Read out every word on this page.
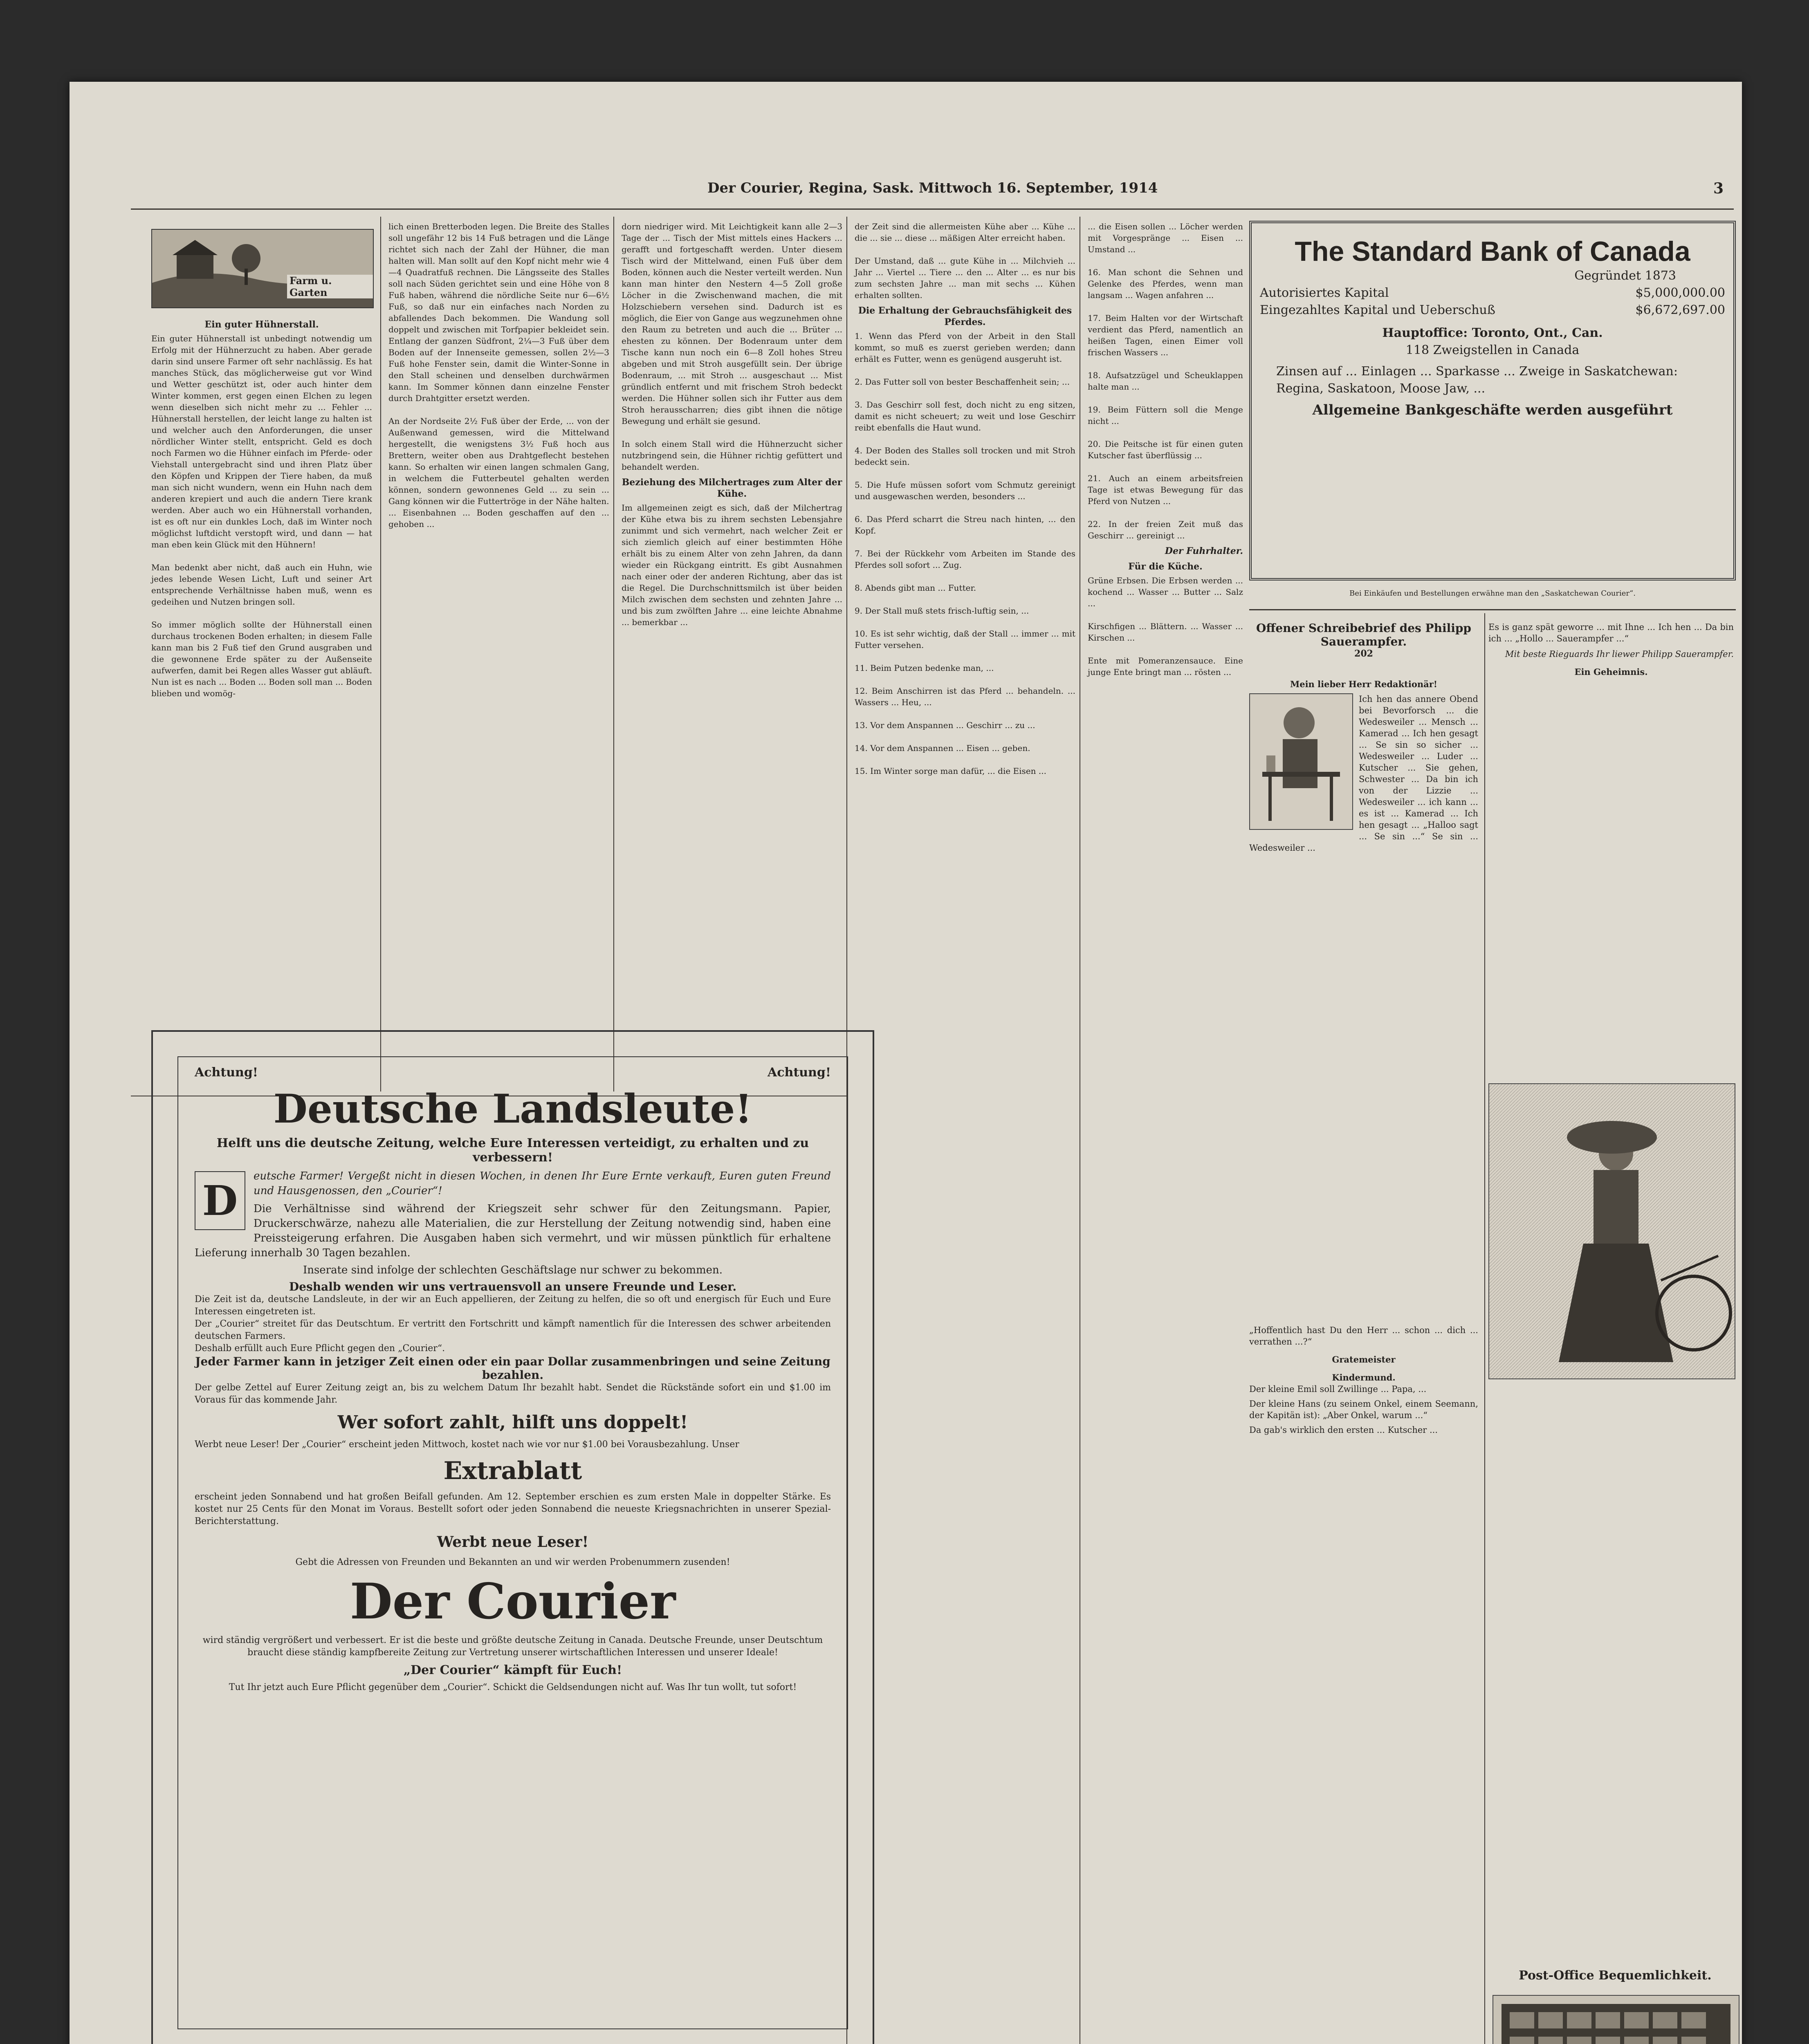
Der Courier, Regina, Sask. Mittwoch 16. September, 1914	3
Farm u. Garten
Ein guter Hühnerstall.
Ein guter Hühnerstall ist unbedingt notwendig um Erfolg mit der Hühnerzucht zu haben. Aber gerade darin sind unsere Farmer oft sehr nachlässig. Es hat manches Stück, das möglicherweise gut vor Wind und Wetter geschützt ist, oder auch hinter dem Winter kommen, erst gegen einen Elchen zu legen wenn dieselben sich nicht mehr zu ... Fehler ... Hühnerstall herstellen, der leicht lange zu halten ist und welcher auch den Anforderungen, die unser nördlicher Winter stellt, entspricht. Geld es doch noch Farmen wo die Hühner einfach im Pferde- oder Viehstall untergebracht sind und ihren Platz über den Köpfen und Krippen der Tiere haben, da muß man sich nicht wundern, wenn ein Huhn nach dem anderen krepiert und auch die andern Tiere krank werden. Aber auch wo ein Hühnerstall vorhanden, ist es oft nur ein dunkles Loch, daß im Winter noch möglichst luftdicht verstopft wird, und dann — hat man eben kein Glück mit den Hühnern!

Man bedenkt aber nicht, daß auch ein Huhn, wie jedes lebende Wesen Licht, Luft und seiner Art entsprechende Verhältnisse haben muß, wenn es gedeihen und Nutzen bringen soll.

So immer möglich sollte der Hühnerstall einen durchaus trockenen Boden erhalten; in diesem Falle kann man bis 2 Fuß tief den Grund ausgraben und die gewonnene Erde später zu der Außenseite aufwerfen, damit bei Regen alles Wasser gut abläuft. Nun ist es nach ... Boden ... Boden soll man ... Boden blieben und womög-
lich einen Bretterboden legen. Die Breite des Stalles soll ungefähr 12 bis 14 Fuß betragen und die Länge richtet sich nach der Zahl der Hühner, die man halten will. Man sollt auf den Kopf nicht mehr wie 4—4 Quadratfuß rechnen. Die Längsseite des Stalles soll nach Süden gerichtet sein und eine Höhe von 8 Fuß haben, während die nördliche Seite nur 6—6½ Fuß, so daß nur ein einfaches nach Norden zu abfallendes Dach bekommen. Die Wandung soll doppelt und zwischen mit Torfpapier bekleidet sein. Entlang der ganzen Südfront, 2¼—3 Fuß über dem Boden auf der Innenseite gemessen, sollen 2½—3 Fuß hohe Fenster sein, damit die Winter-Sonne in den Stall scheinen und denselben durchwärmen kann. Im Sommer können dann einzelne Fenster durch Drahtgitter ersetzt werden.

An der Nordseite 2½ Fuß über der Erde, ... von der Außenwand gemessen, wird die Mittelwand hergestellt, die wenigstens 3½ Fuß hoch aus Brettern, weiter oben aus Drahtgeflecht bestehen kann. So erhalten wir einen langen schmalen Gang, in welchem die Futterbeutel gehalten werden können, sondern gewonnenes Geld ... zu sein ... Gang können wir die Futtertröge in der Nähe halten.
... Eisenbahnen ... Boden geschaffen auf den ... gehoben ...
dorn niedriger wird. Mit Leichtigkeit kann alle 2—3 Tage der ... Tisch der Mist mittels eines Hackers ... gerafft und fortgeschafft werden. Unter diesem Tisch wird der Mittelwand, einen Fuß über dem Boden, können auch die Nester verteilt werden. Nun kann man hinter den Nestern 4—5 Zoll große Löcher in die Zwischenwand machen, die mit Holzschiebern versehen sind. Dadurch ist es möglich, die Eier von Gange aus wegzunehmen ohne den Raum zu betreten und auch die ... Brüter ... ehesten zu können. Der Bodenraum unter dem Tische kann nun noch ein 6—8 Zoll hohes Streu abgeben und mit Stroh ausgefüllt sein. Der übrige Bodenraum, ... mit Stroh ... ausgeschaut ... Mist gründlich entfernt und mit frischem Stroh bedeckt werden. Die Hühner sollen sich ihr Futter aus dem Stroh herausscharren; dies gibt ihnen die nötige Bewegung und erhält sie gesund.

In solch einem Stall wird die Hühnerzucht sicher nutzbringend sein, die Hühner richtig gefüttert und behandelt werden.
Beziehung des Milchertrages zum Alter der Kühe.
Im allgemeinen zeigt es sich, daß der Milchertrag der Kühe etwa bis zu ihrem sechsten Lebensjahre zunimmt und sich vermehrt, nach welcher Zeit er sich ziemlich gleich auf einer bestimmten Höhe erhält bis zu einem Alter von zehn Jahren, da dann wieder ein Rückgang eintritt. Es gibt Ausnahmen nach einer oder der anderen Richtung, aber das ist die Regel. Die Durchschnittsmilch ist über beiden Milch zwischen dem sechsten und zehnten Jahre ... und bis zum zwölften Jahre ... eine leichte Abnahme ... bemerkbar ...
der Zeit sind die allermeisten Kühe aber ... Kühe ... die ... sie ... diese ... mäßigen Alter erreicht haben.

Der Umstand, daß ... gute Kühe in ... Milchvieh ... Jahr ... Viertel ... Tiere ... den ... Alter ... es nur bis zum sechsten Jahre ... man mit sechs ... Kühen erhalten sollten.
Die Erhaltung der Gebrauchsfähigkeit des Pferdes.
1. Wenn das Pferd von der Arbeit in den Stall kommt, so muß es zuerst gerieben werden; dann erhält es Futter, wenn es genügend ausgeruht ist.

2. Das Futter soll von bester Beschaffenheit sein; ...

3. Das Geschirr soll fest, doch nicht zu eng sitzen, damit es nicht scheuert; zu weit und lose Geschirr reibt ebenfalls die Haut wund.

4. Der Boden des Stalles soll trocken und mit Stroh bedeckt sein.

5. Die Hufe müssen sofort vom Schmutz gereinigt und ausgewaschen werden, besonders ...

6. Das Pferd scharrt die Streu nach hinten, ... den Kopf.

7. Bei der Rückkehr vom Arbeiten im Stande des Pferdes soll sofort ... Zug.

8. Abends gibt man ... Futter.

9. Der Stall muß stets frisch-luftig sein, ...

10. Es ist sehr wichtig, daß der Stall ... immer ... mit Futter versehen.

11. Beim Putzen bedenke man, ...

12. Beim Anschirren ist das Pferd ... behandeln. ... Wassers ... Heu, ...

13. Vor dem Anspannen ... Geschirr ... zu ...

14. Vor dem Anspannen ... Eisen ... geben.

15. Im Winter sorge man dafür, ... die Eisen ...
... die Eisen sollen ... Löcher werden mit Vorgespränge ... Eisen ... Umstand ...

16. Man schont die Sehnen und Gelenke des Pferdes, wenn man langsam ... Wagen anfahren ...

17. Beim Halten vor der Wirtschaft verdient das Pferd, namentlich an heißen Tagen, einen Eimer voll frischen Wassers ...

18. Aufsatzzügel und Scheuklappen halte man ...

19. Beim Füttern soll die Menge nicht ...

20. Die Peitsche ist für einen guten Kutscher fast überflüssig ...

21. Auch an einem arbeitsfreien Tage ist etwas Bewegung für das Pferd von Nutzen ...

22. In der freien Zeit muß das Geschirr ... gereinigt ...
Der Fuhrhalter.
Für die Küche.
Grüne Erbsen. Die Erbsen werden ... kochend ... Wasser ... Butter ... Salz ...

Kirschfigen ... Blättern. ... Wasser ... Kirschen ...

Ente mit Pomeranzensauce. Eine junge Ente bringt man ... rösten ...
The Standard Bank of Canada
Gegründet 1873
Autorisiertes Kapital	$5,000,000.00
Eingezahltes Kapital und Ueberschuß	$6,672,697.00
Hauptoffice: Toronto, Ont., Can.
118 Zweigstellen in Canada
Zinsen auf ... Einlagen ... Sparkasse ... Zweige in Saskatchewan: Regina, Saskatoon, Moose Jaw, ...
Allgemeine Bankgeschäfte werden ausgeführt
Bei Einkäufen und Bestellungen erwähne man den „Saskatchewan Courier“.
Offener Schreibebrief des Philipp Sauerampfer.
202
Mein lieber Herr Redaktionär!
Ich hen das annere Obend bei Bevorforsch ... die Wedesweiler ... Mensch ... Kamerad ... Ich hen gesagt ... Se sin so sicher ... Wedesweiler ... Luder ... Kutscher ... Sie gehen, Schwester ... Da bin ich von der Lizzie ... Wedesweiler ... ich kann ... es ist ... Kamerad ... Ich hen gesagt ... „Halloo sagt ... Se sin ...“ Se sin ... Wedesweiler ...
Es is ganz spät geworre ... mit Ihne ... Ich hen ... Da bin ich ... „Hollo ... Sauerampfer ...“
Mit beste Rieguards Ihr liewer Philipp Sauerampfer.
Ein Geheimnis.
„Hoffentlich hast Du den Herr ... schon ... dich ... verrathen ...?“
Gratemeister
Kindermund.
Der kleine Emil soll Zwillinge ... Papa, ...
Der kleine Hans (zu seinem Onkel, einem Seemann, der Kapitän ist): „Aber Onkel, warum ...“
Da gab's wirklich den ersten ... Kutscher ...
Achtung!	Achtung!
Deutsche Landsleute!
Helft uns die deutsche Zeitung, welche Eure Interessen verteidigt, zu erhalten und zu verbessern!
D
eutsche Farmer! Vergeßt nicht in diesen Wochen, in denen Ihr Eure Ernte verkauft, Euren guten Freund und Hausgenossen, den „Courier“!
Die Verhältnisse sind während der Kriegszeit sehr schwer für den Zeitungsmann. Papier, Druckerschwärze, nahezu alle Materialien, die zur Herstellung der Zeitung notwendig sind, haben eine Preissteigerung erfahren. Die Ausgaben haben sich vermehrt, und wir müssen pünktlich für erhaltene Lieferung innerhalb 30 Tagen bezahlen.
Inserate sind infolge der schlechten Geschäftslage nur schwer zu bekommen.
Deshalb wenden wir uns vertrauensvoll an unsere Freunde und Leser.
Die Zeit ist da, deutsche Landsleute, in der wir an Euch appellieren, der Zeitung zu helfen, die so oft und energisch für Euch und Eure Interessen eingetreten ist.
Der „Courier“ streitet für das Deutschtum. Er vertritt den Fortschritt und kämpft namentlich für die Interessen des schwer arbeitenden deutschen Farmers.
Deshalb erfüllt auch Eure Pflicht gegen den „Courier“.
Jeder Farmer kann in jetziger Zeit einen oder ein paar Dollar zusammenbringen und seine Zeitung bezahlen.
Der gelbe Zettel auf Eurer Zeitung zeigt an, bis zu welchem Datum Ihr bezahlt habt. Sendet die Rückstände sofort ein und $1.00 im Voraus für das kommende Jahr.
Wer sofort zahlt, hilft uns doppelt!
Werbt neue Leser! Der „Courier“ erscheint jeden Mittwoch, kostet nach wie vor nur $1.00 bei Vorausbezahlung. Unser
Extrablatt
erscheint jeden Sonnabend und hat großen Beifall gefunden. Am 12. September erschien es zum ersten Male in doppelter Stärke. Es kostet nur 25 Cents für den Monat im Voraus. Bestellt sofort oder jeden Sonnabend die neueste Kriegsnachrichten in unserer Spezial-Berichterstattung.
Werbt neue Leser!
Gebt die Adressen von Freunden und Bekannten an und wir werden Probenummern zusenden!
Der Courier
wird ständig vergrößert und verbessert. Er ist die beste und größte deutsche Zeitung in Canada. Deutsche Freunde, unser Deutschtum braucht diese ständig kampfbereite Zeitung zur Vertretung unserer wirtschaftlichen Interessen und unserer Ideale!
„Der Courier“ kämpft für Euch!
Tut Ihr jetzt auch Eure Pflicht gegenüber dem „Courier“. Schickt die Geldsendungen nicht auf. Was Ihr tun wollt, tut sofort!

Post-Office Bequemlichkeit.
